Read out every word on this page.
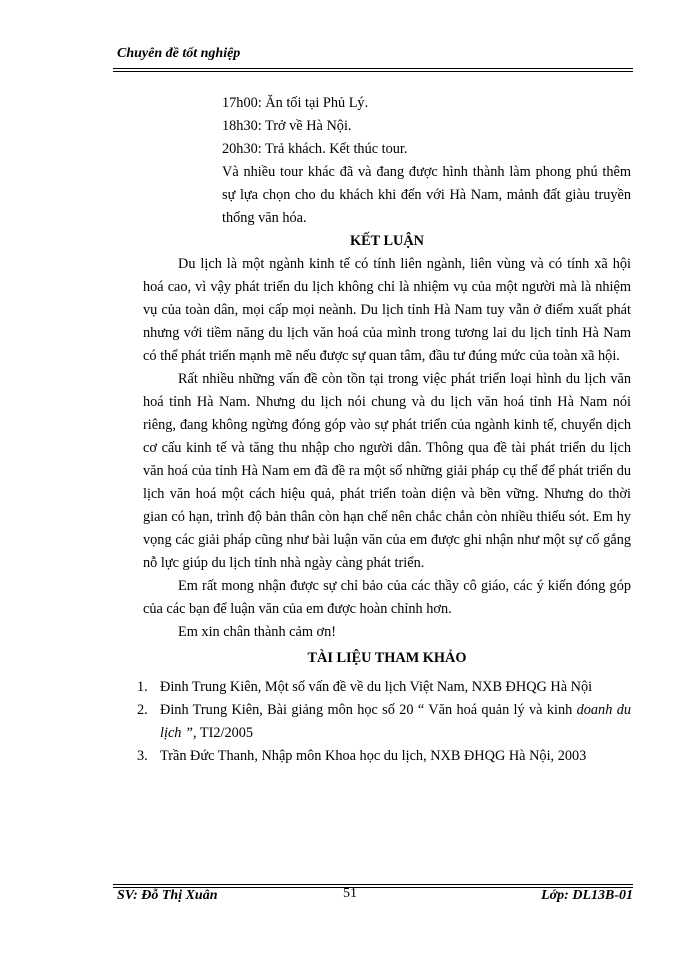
Chuyên đề tốt nghiệp

17h00: Ăn tối tại Phủ Lý.

18h30: Trở về Hà Nội.

20h30: Trả khách. Kết thúc tour.

Và nhiều tour khác đã và đang được hình thành làm phong phú thêm sự lựa chọn cho du khách khi đến với Hà Nam, mảnh đất giàu truyền thống văn hóa.

KẾT LUẬN

Du lịch là một ngành kinh tế có tính liên ngành, liên vùng và có tính xã hội hoá cao, vì vậy phát triển du lịch không chỉ là nhiệm vụ của một người mà là nhiệm vụ của toàn dân, mọi cấp mọi neành. Du lịch tỉnh Hà Nam tuy vẫn ở điểm xuất phát nhưng với tiềm năng du lịch văn hoá của mình trong tương lai du lịch tỉnh Hà Nam có thể phát triển mạnh mẽ nếu được sự quan tâm, đầu tư đúng mức của toàn xã hội.

Rất nhiều những vấn đề còn tồn tại trong việc phát triển loại hình du lịch văn hoá tỉnh Hà Nam. Nhưng du lịch nói chung và du lịch văn hoá tỉnh Hà Nam nói riêng, đang không ngừng đóng góp vào sự phát triển của ngành kinh tế, chuyển dịch cơ cấu kinh tế và tăng thu nhập cho người dân. Thông qua đề tài phát triển du lịch văn hoá của tỉnh Hà Nam em đã đề ra một số những giải pháp cụ thể để phát triển du lịch văn hoá một cách hiệu quả, phát triển toàn diện và bền vững. Nhưng do thời gian có hạn, trình độ bản thân còn hạn chế nên chắc chắn còn nhiều thiếu sót. Em hy vọng các giải pháp cũng như bài luận văn của em được ghi nhận như một sự cố gắng nỗ lực giúp du lịch tỉnh nhà ngày càng phát triển.

Em rất mong nhận được sự chỉ bảo của các thầy cô giáo, các ý kiến đóng góp của các bạn để luận văn của em được hoàn chỉnh hơn.

Em xin chân thành cảm ơn!

TÀI LIỆU THAM KHẢO

1. Đinh Trung Kiên, Một số vấn đề về du lịch Việt Nam, NXB ĐHQG Hà Nội
2. Đinh Trung Kiên, Bài giảng môn học số 20 “ Văn hoá quản lý và kinh doanh du lịch ”, TI2/2005
3. Trần Đức Thanh, Nhập môn Khoa học du lịch, NXB ĐHQG Hà Nội, 2003
SV: Đỗ Thị Xuân	51	Lớp: DL13B-01
